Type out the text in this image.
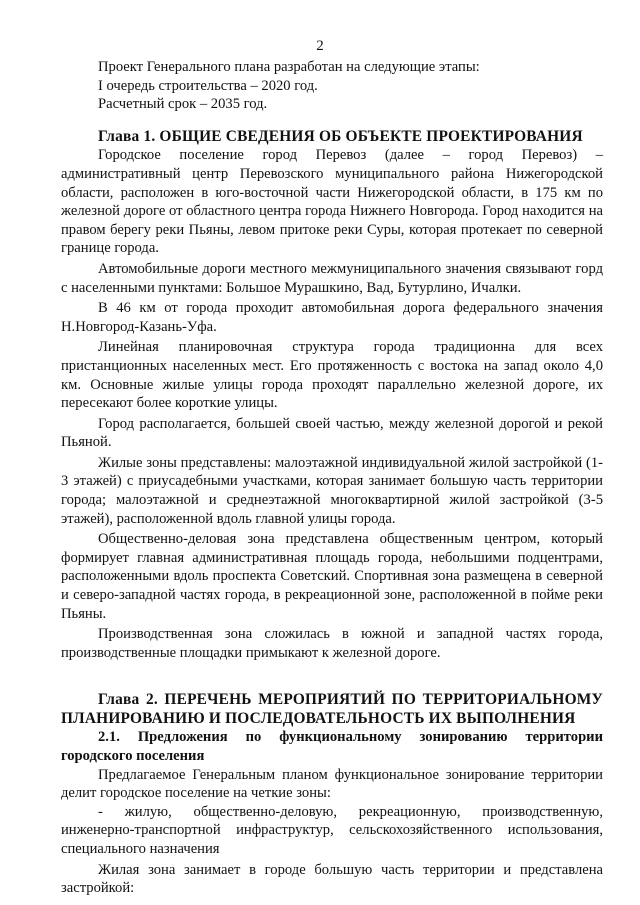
2

Проект Генерального плана разработан на следующие этапы:

I очередь строительства – 2020 год.

Расчетный срок – 2035 год.

Глава 1. ОБЩИЕ СВЕДЕНИЯ ОБ ОБЪЕКТЕ ПРОЕКТИРОВАНИЯ

Городское поселение город Перевоз (далее – город Перевоз) – административный центр Перевозского муниципального района Нижегородской области, расположен в юго-восточной части Нижегородской области, в 175 км по железной дороге от областного центра города Нижнего Новгорода. Город находится на правом берегу реки Пьяны, левом притоке реки Суры, которая протекает по северной границе города.

Автомобильные дороги местного межмуниципального значения связывают горд с населенными пунктами: Большое Мурашкино, Вад, Бутурлино, Ичалки.

В 46 км от города проходит автомобильная дорога федерального значения Н.Новгород-Казань-Уфа.

Линейная планировочная структура города традиционна для всех пристанционных населенных мест. Его протяженность с востока на запад около 4,0 км. Основные жилые улицы города проходят параллельно железной дороге, их пересекают более короткие улицы.

Город располагается, большей своей частью, между железной дорогой и рекой Пьяной.

Жилые зоны представлены: малоэтажной индивидуальной жилой застройкой (1-3 этажей) с приусадебными участками, которая занимает большую часть территории города; малоэтажной и среднеэтажной многоквартирной жилой застройкой (3-5 этажей), расположенной вдоль главной улицы города.

Общественно-деловая зона представлена общественным центром, который формирует главная административная площадь города, небольшими подцентрами, расположенными вдоль проспекта Советский. Спортивная зона размещена в северной и северо-западной частях города, в рекреационной зоне, расположенной в пойме реки Пьяны.

Производственная зона сложилась в южной и западной частях города, производственные площадки примыкают к железной дороге.

Глава 2. ПЕРЕЧЕНЬ МЕРОПРИЯТИЙ ПО ТЕРРИТОРИАЛЬНОМУ ПЛАНИРОВАНИЮ И ПОСЛЕДОВАТЕЛЬНОСТЬ ИХ ВЫПОЛНЕНИЯ

2.1. Предложения по функциональному зонированию территории городского поселения

Предлагаемое Генеральным планом функциональное зонирование территории делит городское поселение на четкие зоны:

- жилую, общественно-деловую, рекреационную, производственную, инженерно-транспортной инфраструктур, сельскохозяйственного использования, специального назначения

Жилая зона занимает в городе большую часть территории и представлена застройкой:
